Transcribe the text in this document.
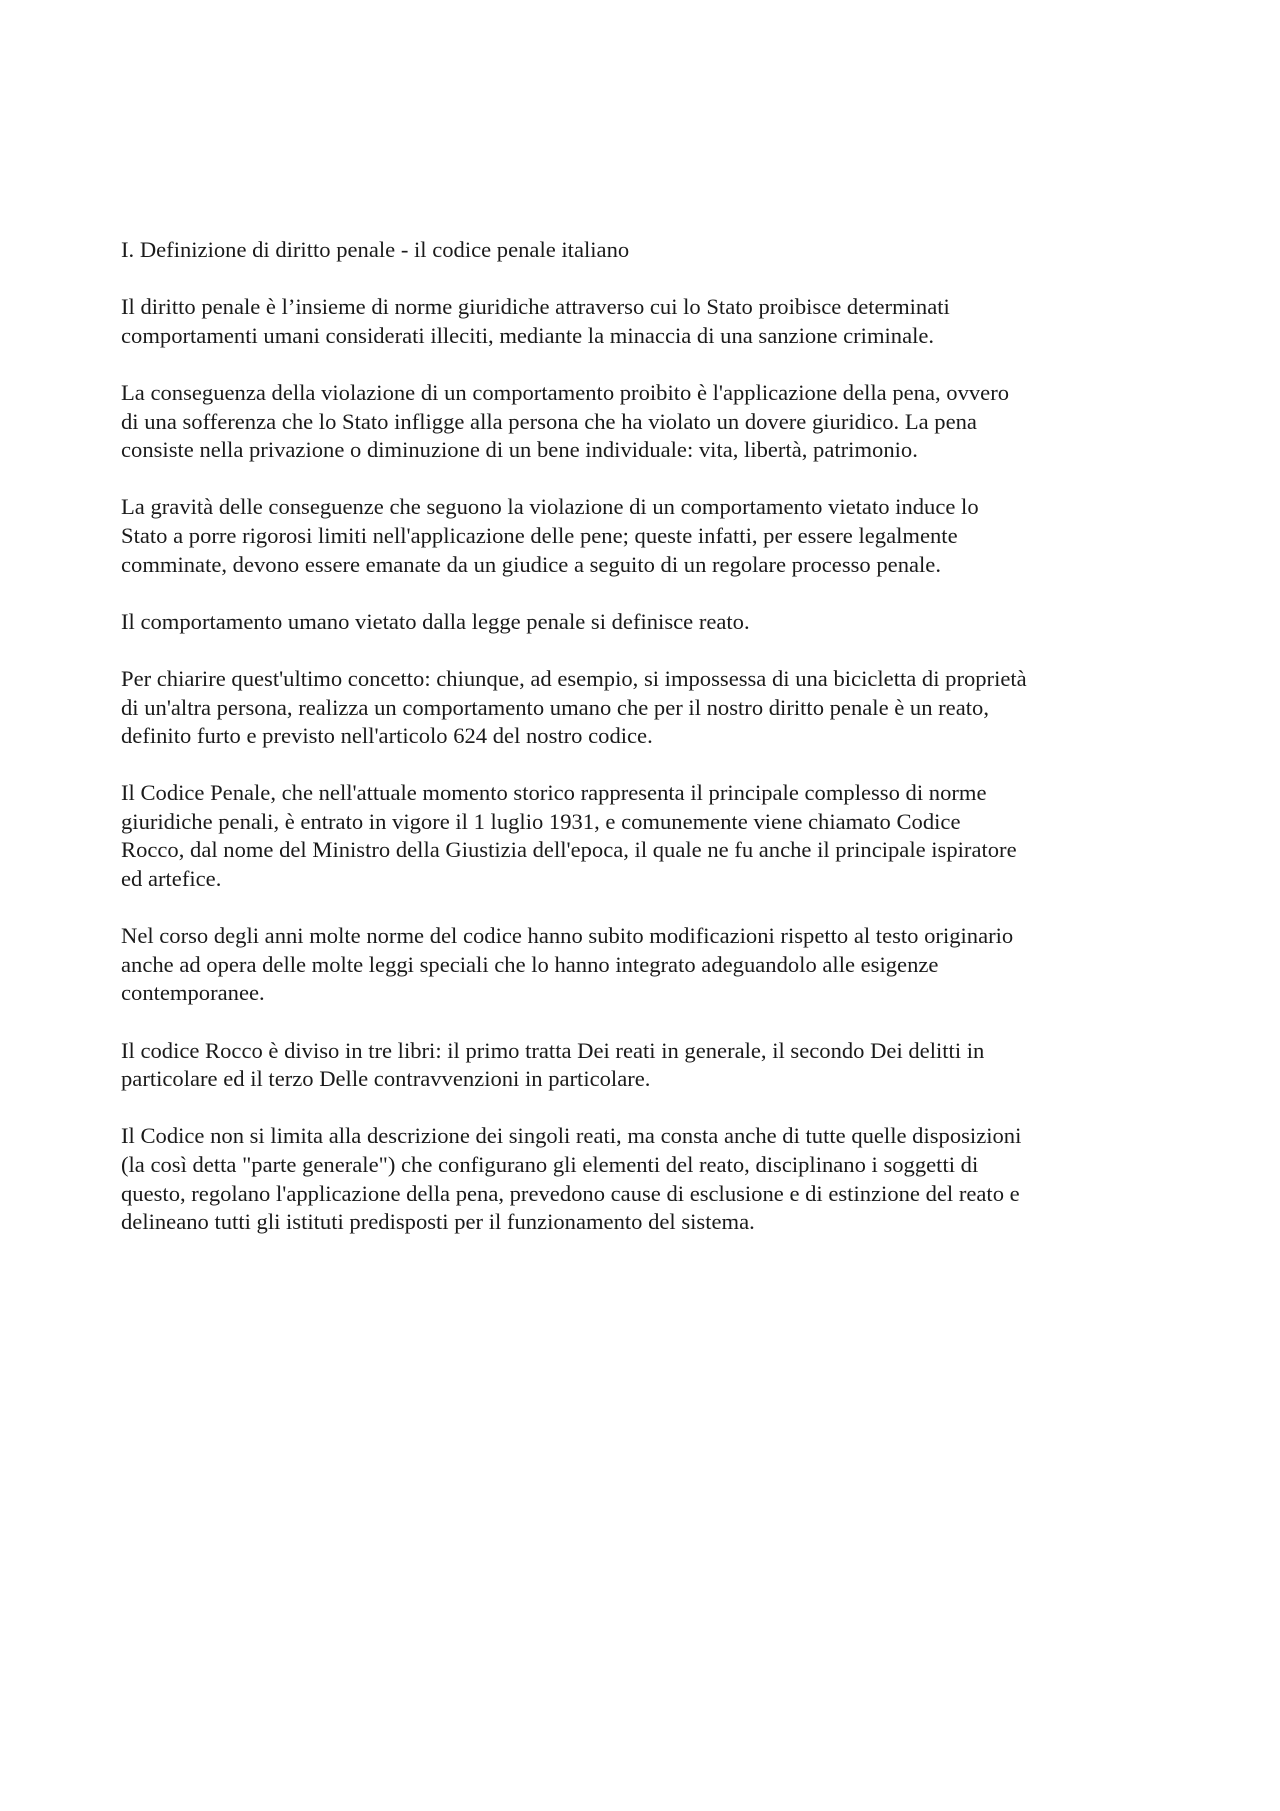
I. Definizione di diritto penale - il codice penale italiano

Il diritto penale è l’insieme di norme giuridiche attraverso cui lo Stato proibisce determinati
comportamenti umani considerati illeciti, mediante la minaccia di una sanzione criminale.

La conseguenza della violazione di un comportamento proibito è l'applicazione della pena, ovvero
di una sofferenza che lo Stato infligge alla persona che ha violato un dovere giuridico. La pena
consiste nella privazione o diminuzione di un bene individuale: vita, libertà, patrimonio.

La gravità delle conseguenze che seguono la violazione di un comportamento vietato induce lo
Stato a porre rigorosi limiti nell'applicazione delle pene; queste infatti, per essere legalmente
comminate, devono essere emanate da un giudice a seguito di un regolare processo penale.

Il comportamento umano vietato dalla legge penale si definisce reato.

Per chiarire quest'ultimo concetto: chiunque, ad esempio, si impossessa di una bicicletta di proprietà
di un'altra persona, realizza un comportamento umano che per il nostro diritto penale è un reato,
definito furto e previsto nell'articolo 624 del nostro codice.

Il Codice Penale, che nell'attuale momento storico rappresenta il principale complesso di norme
giuridiche penali, è entrato in vigore il 1 luglio 1931, e comunemente viene chiamato Codice
Rocco, dal nome del Ministro della Giustizia dell'epoca, il quale ne fu anche il principale ispiratore
ed artefice.

Nel corso degli anni molte norme del codice hanno subito modificazioni rispetto al testo originario
anche ad opera delle molte leggi speciali che lo hanno integrato adeguandolo alle esigenze
contemporanee.

Il codice Rocco è diviso in tre libri: il primo tratta Dei reati in generale, il secondo Dei delitti in
particolare ed il terzo Delle contravvenzioni in particolare.

Il Codice non si limita alla descrizione dei singoli reati, ma consta anche di tutte quelle disposizioni
(la così detta "parte generale") che configurano gli elementi del reato, disciplinano i soggetti di
questo, regolano l'applicazione della pena, prevedono cause di esclusione e di estinzione del reato e
delineano tutti gli istituti predisposti per il funzionamento del sistema.
